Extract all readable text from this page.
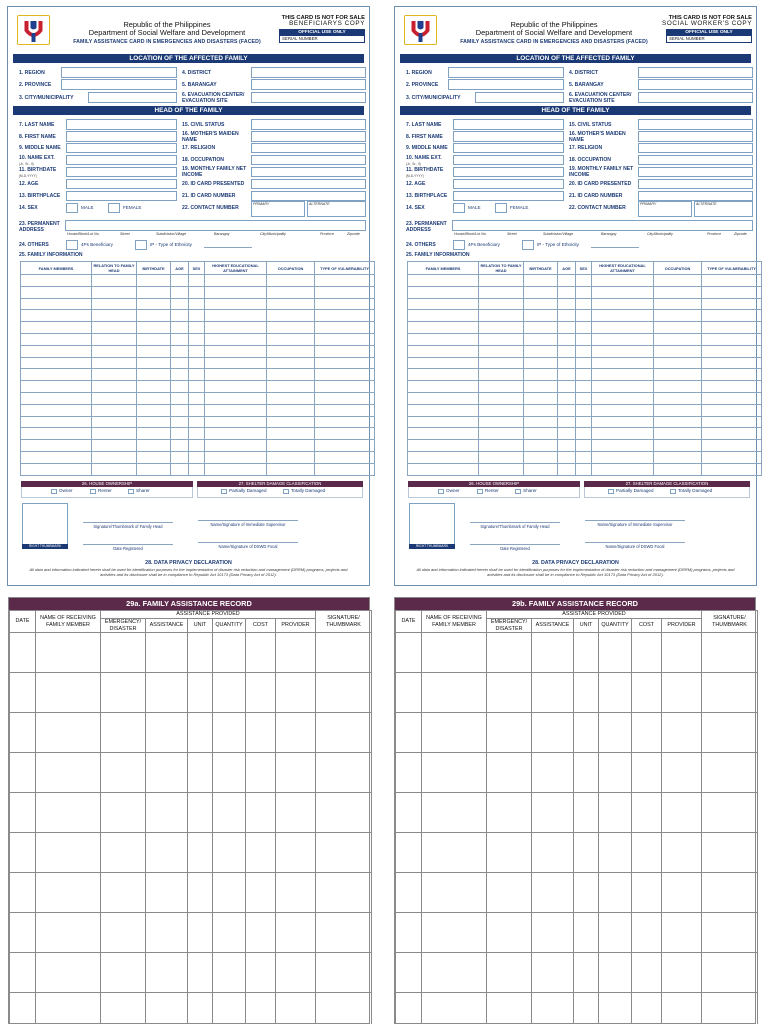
Republic of the Philippines
Department of Social Welfare and Development
FAMILY ASSISTANCE CARD IN EMERGENCIES AND DISASTERS (FACED)
THIS CARD IS NOT FOR SALE
BENEFICIARYS COPY
OFFICIAL USE ONLY
SERIAL NUMBER
LOCATION OF THE AFFECTED FAMILY
1. REGION
2. PROVINCE
3. CITY/MUNICIPALITY
4. DISTRICT
5. BARANGAY
6. EVACUATION CENTER/ EVACUATION SITE
HEAD OF THE FAMILY
7. LAST NAME
8. FIRST NAME
9. MIDDLE NAME
10. NAME EXT.
(Jr., Sr., II)
11. BIRTHDATE
(M-D-YYYY)
12. AGE
13. BIRTHPLACE
14. SEX	MALE	FEMALE
15. CIVIL STATUS
16. MOTHER'S MAIDEN NAME
17. RELIGION
18. OCCUPATION
19. MONTHLY FAMILY NET INCOME
20. ID CARD PRESENTED
21. ID CARD NUMBER
22. CONTACT NUMBER
PRIMARY	ALTERNATE
23. PERMANENT ADDRESS
House/Block/Lot No.	Street	Subdivision/Village	Barangay	City/Municipality	Province	Zipcode
24. OTHERS	4Ps Beneficiary	IP - Type of Ethnicity
25. FAMILY INFORMATION
FAMILY MEMBERS	RELATION TO FAMILY HEAD	BIRTHDATE	AGE	SEX	HIGHEST EDUCATIONAL ATTAINMENT	OCCUPATION	TYPE OF VULNERABILITY

26. HOUSE OWNERSHIP
Owner	Renter	Sharer
27. SHELTER DAMAGE CLASSIFICATION
Partially Damaged	Totally Damaged
RIGHT THUMBMARK
Signature/Thumbmark of Family Head	Name/Signature of Immediate Supervisor
Date Registered	Name/Signature of DSWD Focal
28. DATA PRIVACY DECLARATION
All data and information indicated herein shall be used for identification purposes for the implementation of disaster risk reduction and management (DRRM) programs, projects and activities and its disclosure shall be in compliance to Republic Act 10173 (Data Privacy Act of 2012).
Republic of the Philippines
Department of Social Welfare and Development
FAMILY ASSISTANCE CARD IN EMERGENCIES AND DISASTERS (FACED)
THIS CARD IS NOT FOR SALE
SOCIAL WORKER'S COPY
OFFICIAL USE ONLY
SERIAL NUMBER
LOCATION OF THE AFFECTED FAMILY
1. REGION
2. PROVINCE
3. CITY/MUNICIPALITY
4. DISTRICT
5. BARANGAY
6. EVACUATION CENTER/ EVACUATION SITE
HEAD OF THE FAMILY
7. LAST NAME
8. FIRST NAME
9. MIDDLE NAME
10. NAME EXT.
(Jr., Sr., II)
11. BIRTHDATE
(M-D-YYYY)
12. AGE
13. BIRTHPLACE
14. SEX	MALE	FEMALE
15. CIVIL STATUS
16. MOTHER'S MAIDEN NAME
17. RELIGION
18. OCCUPATION
19. MONTHLY FAMILY NET INCOME
20. ID CARD PRESENTED
21. ID CARD NUMBER
22. CONTACT NUMBER
PRIMARY	ALTERNATE
23. PERMANENT ADDRESS
House/Block/Lot No.	Street	Subdivision/Village	Barangay	City/Municipality	Province	Zipcode
24. OTHERS	4Ps Beneficiary	IP - Type of Ethnicity
25. FAMILY INFORMATION
FAMILY MEMBERS	RELATION TO FAMILY HEAD	BIRTHDATE	AGE	SEX	HIGHEST EDUCATIONAL ATTAINMENT	OCCUPATION	TYPE OF VULNERABILITY

26. HOUSE OWNERSHIP
Owner	Renter	Sharer
27. SHELTER DAMAGE CLASSIFICATION
Partially Damaged	Totally Damaged
RIGHT THUMBMARK
Signature/Thumbmark of Family Head	Name/Signature of Immediate Supervisor
Date Registered	Name/Signature of DSWD Focal
28. DATA PRIVACY DECLARATION
All data and information indicated herein shall be used for identification purposes for the implementation of disaster risk reduction and management (DRRM) programs, projects and activities and its disclosure shall be in compliance to Republic Act 10173 (Data Privacy Act of 2012).
29a. FAMILY ASSISTANCE RECORD
DATE	NAME OF RECEIVING FAMILY MEMBER	ASSISTANCE PROVIDED						SIGNATURE/ THUMBMARK
		EMERGENCY/ DISASTER	ASSISTANCE	UNIT	QUANTITY	COST	PROVIDER	

29b. FAMILY ASSISTANCE RECORD
DATE	NAME OF RECEIVING FAMILY MEMBER	ASSISTANCE PROVIDED						SIGNATURE/ THUMBMARK
		EMERGENCY/ DISASTER	ASSISTANCE	UNIT	QUANTITY	COST	PROVIDER	
